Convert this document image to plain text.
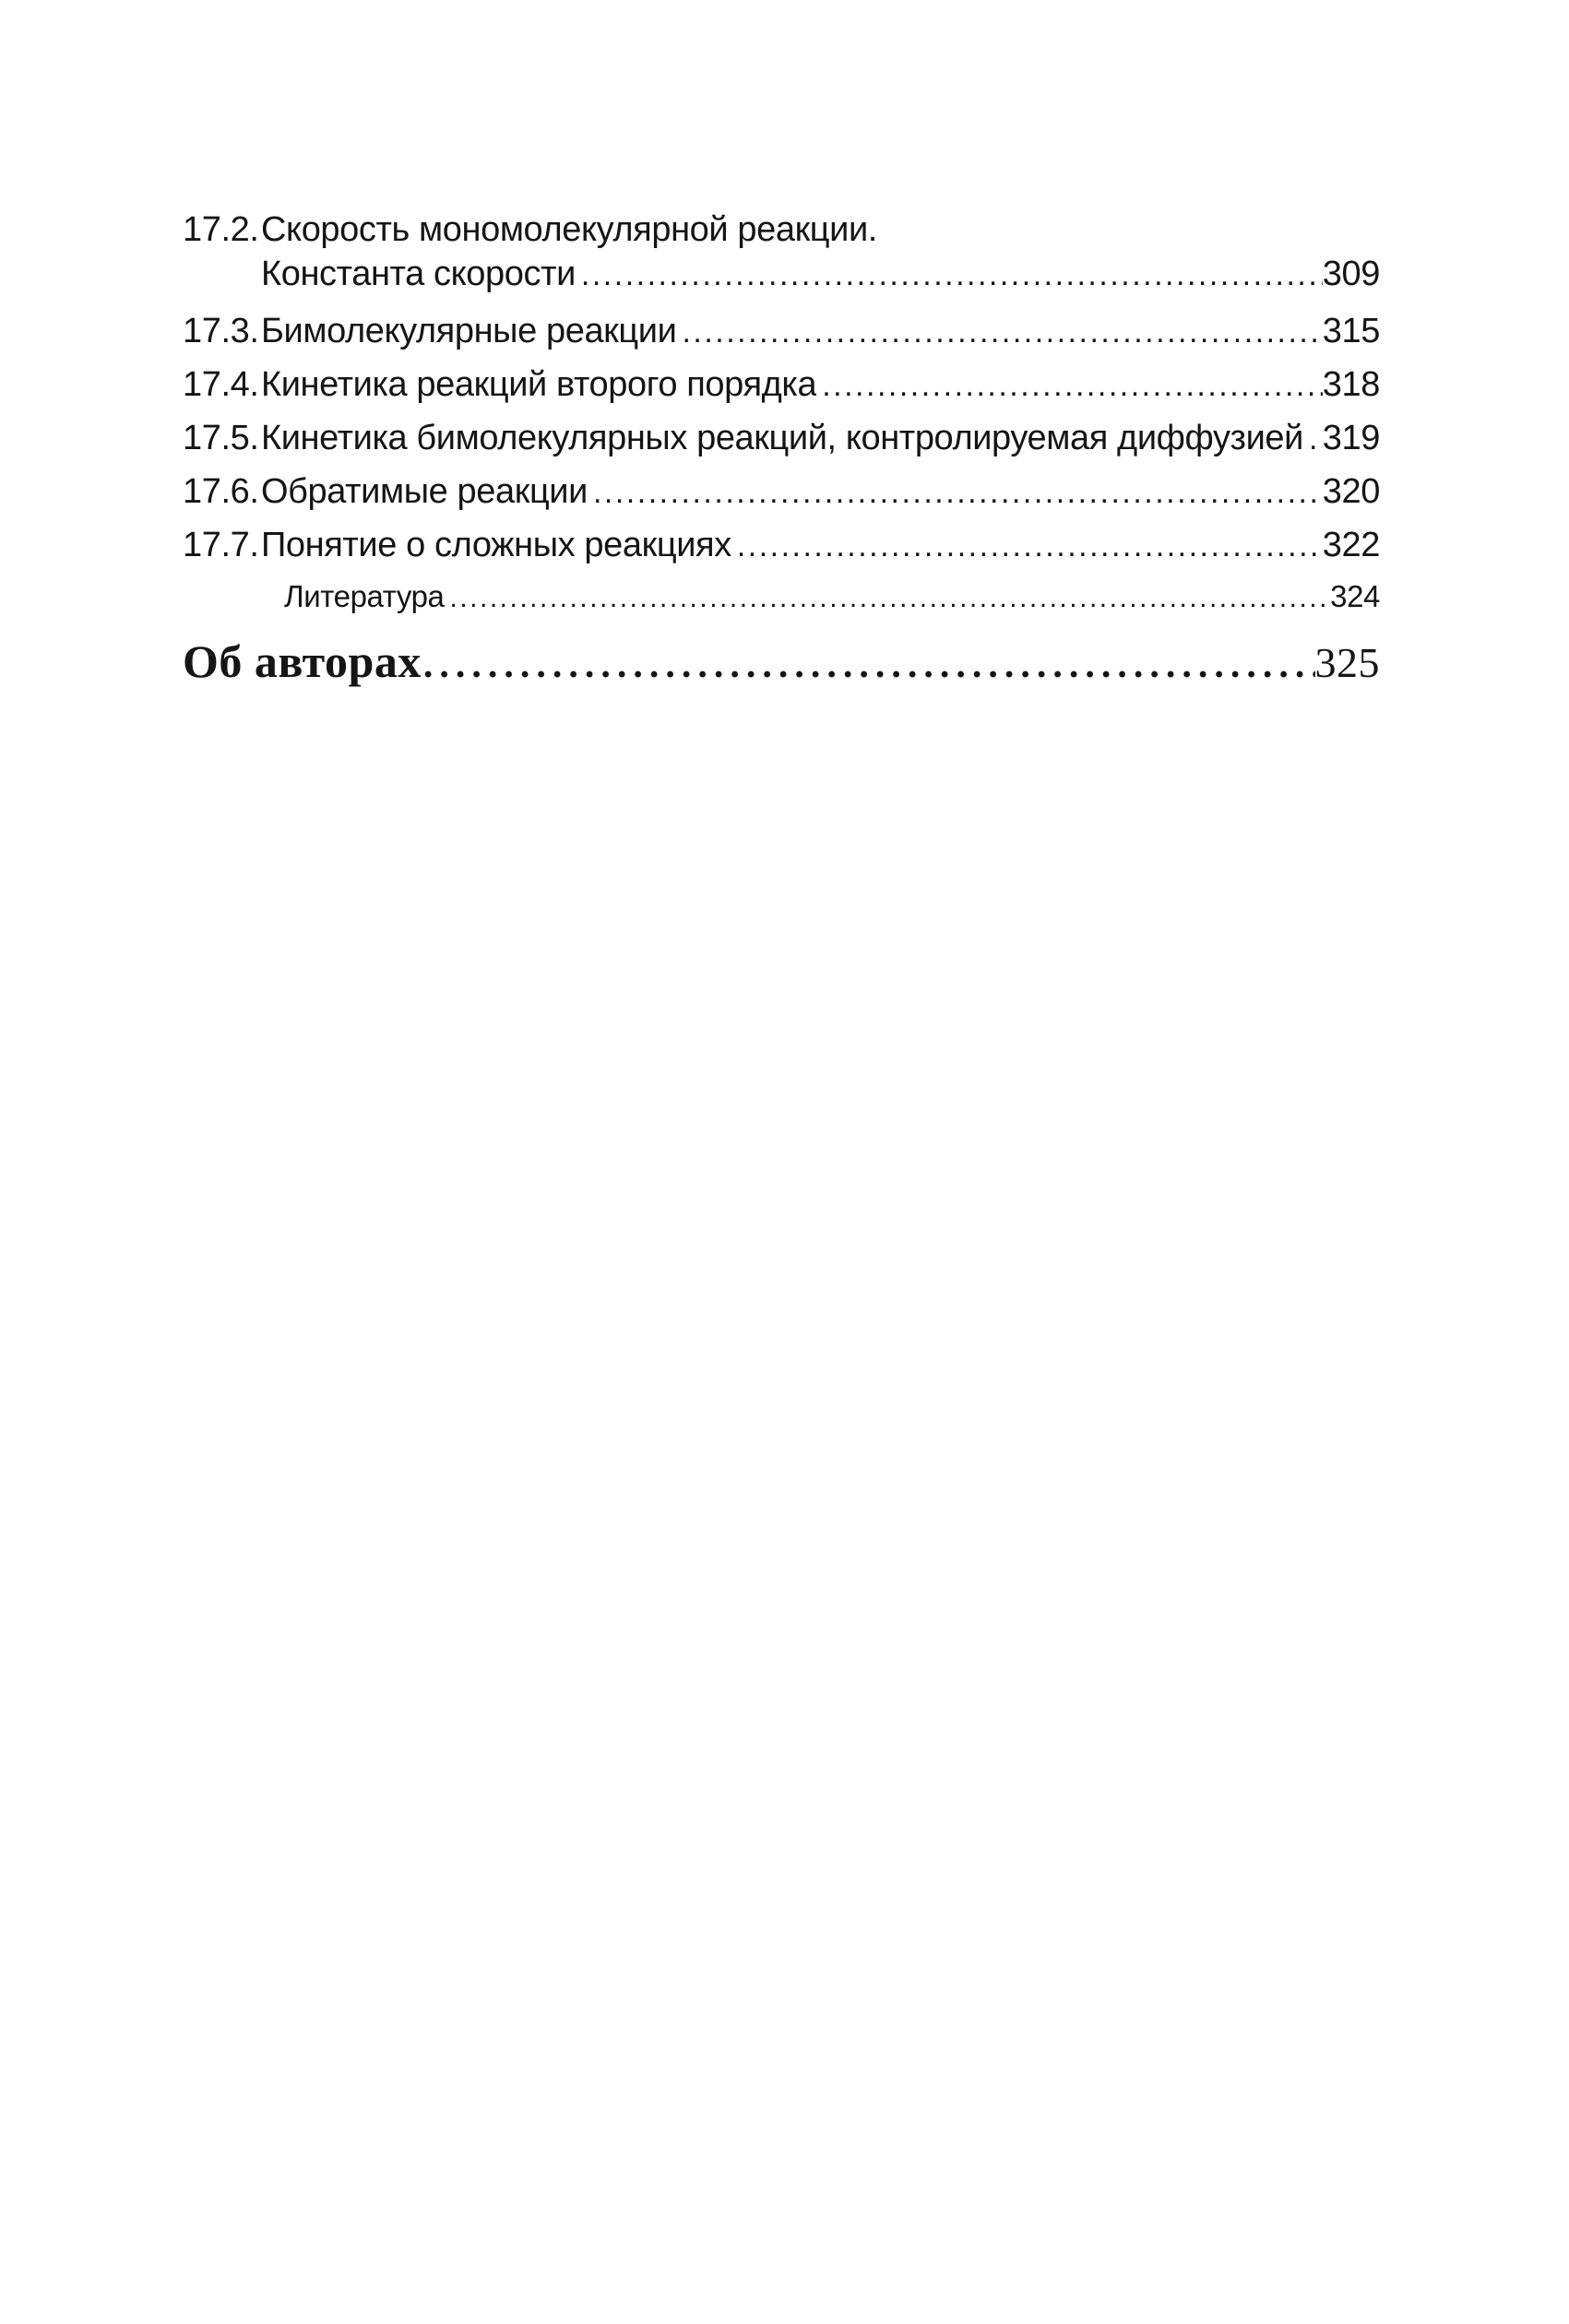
17.2. Скорость мономолекулярной реакции.
Константа скорости .....	309
17.3. Бимолекулярные реакции .....	315
17.4. Кинетика реакций второго порядка .....	318
17.5. Кинетика бимолекулярных реакций, контролируемая диффузией ..... 319
17.6. Обратимые реакции .....	320
17.7. Понятие о сложных реакциях .....	322
Литература .....	324
Об авторах .....	325
